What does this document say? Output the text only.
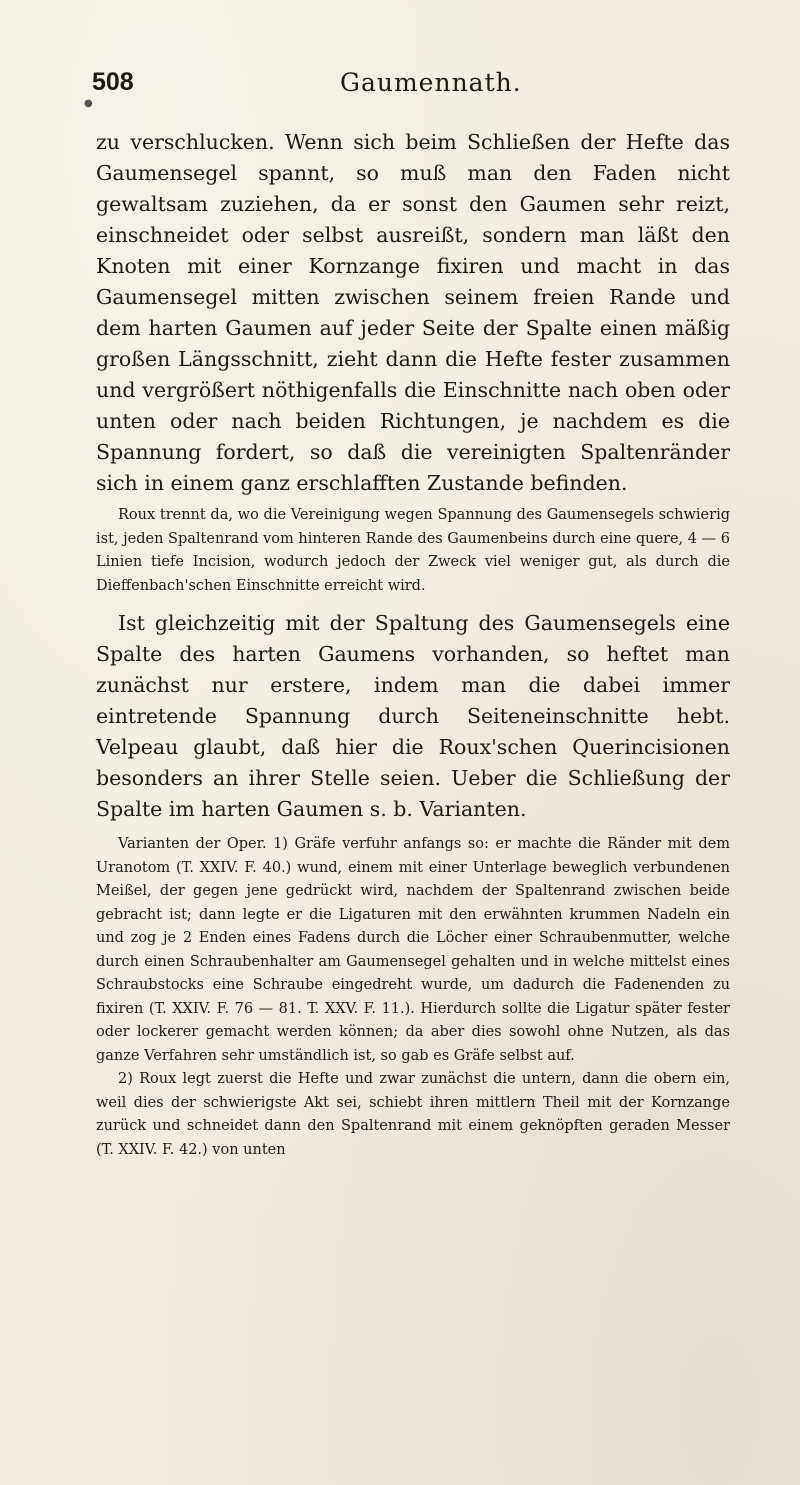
●
508	Gaumennath.

zu verschlucken. Wenn sich beim Schließen der Hefte das Gaumensegel spannt, so muß man den Faden nicht gewaltsam zuziehen, da er sonst den Gaumen sehr reizt, einschneidet oder selbst ausreißt, sondern man läßt den Knoten mit einer Kornzange fixiren und macht in das Gaumensegel mitten zwischen seinem freien Rande und dem harten Gaumen auf jeder Seite der Spalte einen mäßig großen Längsschnitt, zieht dann die Hefte fester zusammen und vergrößert nöthigenfalls die Einschnitte nach oben oder unten oder nach beiden Richtungen, je nachdem es die Spannung fordert, so daß die vereinigten Spaltenränder sich in einem ganz erschlafften Zustande befinden.

Roux trennt da, wo die Vereinigung wegen Spannung des Gaumensegels schwierig ist, jeden Spaltenrand vom hinteren Rande des Gaumenbeins durch eine quere, 4 — 6 Linien tiefe Incision, wodurch jedoch der Zweck viel weniger gut, als durch die Dieffenbach'schen Einschnitte erreicht wird.

Ist gleichzeitig mit der Spaltung des Gaumensegels eine Spalte des harten Gaumens vorhanden, so heftet man zunächst nur erstere, indem man die dabei immer eintretende Spannung durch Seiteneinschnitte hebt. Velpeau glaubt, daß hier die Roux'schen Querincisionen besonders an ihrer Stelle seien. Ueber die Schließung der Spalte im harten Gaumen s. b. Varianten.

Varianten der Oper. 1) Gräfe verfuhr anfangs so: er machte die Ränder mit dem Uranotom (T. XXIV. F. 40.) wund, einem mit einer Unterlage beweglich verbundenen Meißel, der gegen jene gedrückt wird, nachdem der Spaltenrand zwischen beide gebracht ist; dann legte er die Ligaturen mit den erwähnten krummen Nadeln ein und zog je 2 Enden eines Fadens durch die Löcher einer Schraubenmutter, welche durch einen Schraubenhalter am Gaumensegel gehalten und in welche mittelst eines Schraubstocks eine Schraube eingedreht wurde, um dadurch die Fadenenden zu fixiren (T. XXIV. F. 76 — 81. T. XXV. F. 11.). Hierdurch sollte die Ligatur später fester oder lockerer gemacht werden können; da aber dies sowohl ohne Nutzen, als das ganze Verfahren sehr umständlich ist, so gab es Gräfe selbst auf.

2) Roux legt zuerst die Hefte und zwar zunächst die untern, dann die obern ein, weil dies der schwierigste Akt sei, schiebt ihren mittlern Theil mit der Kornzange zurück und schneidet dann den Spaltenrand mit einem geknöpften geraden Messer (T. XXIV. F. 42.) von unten
